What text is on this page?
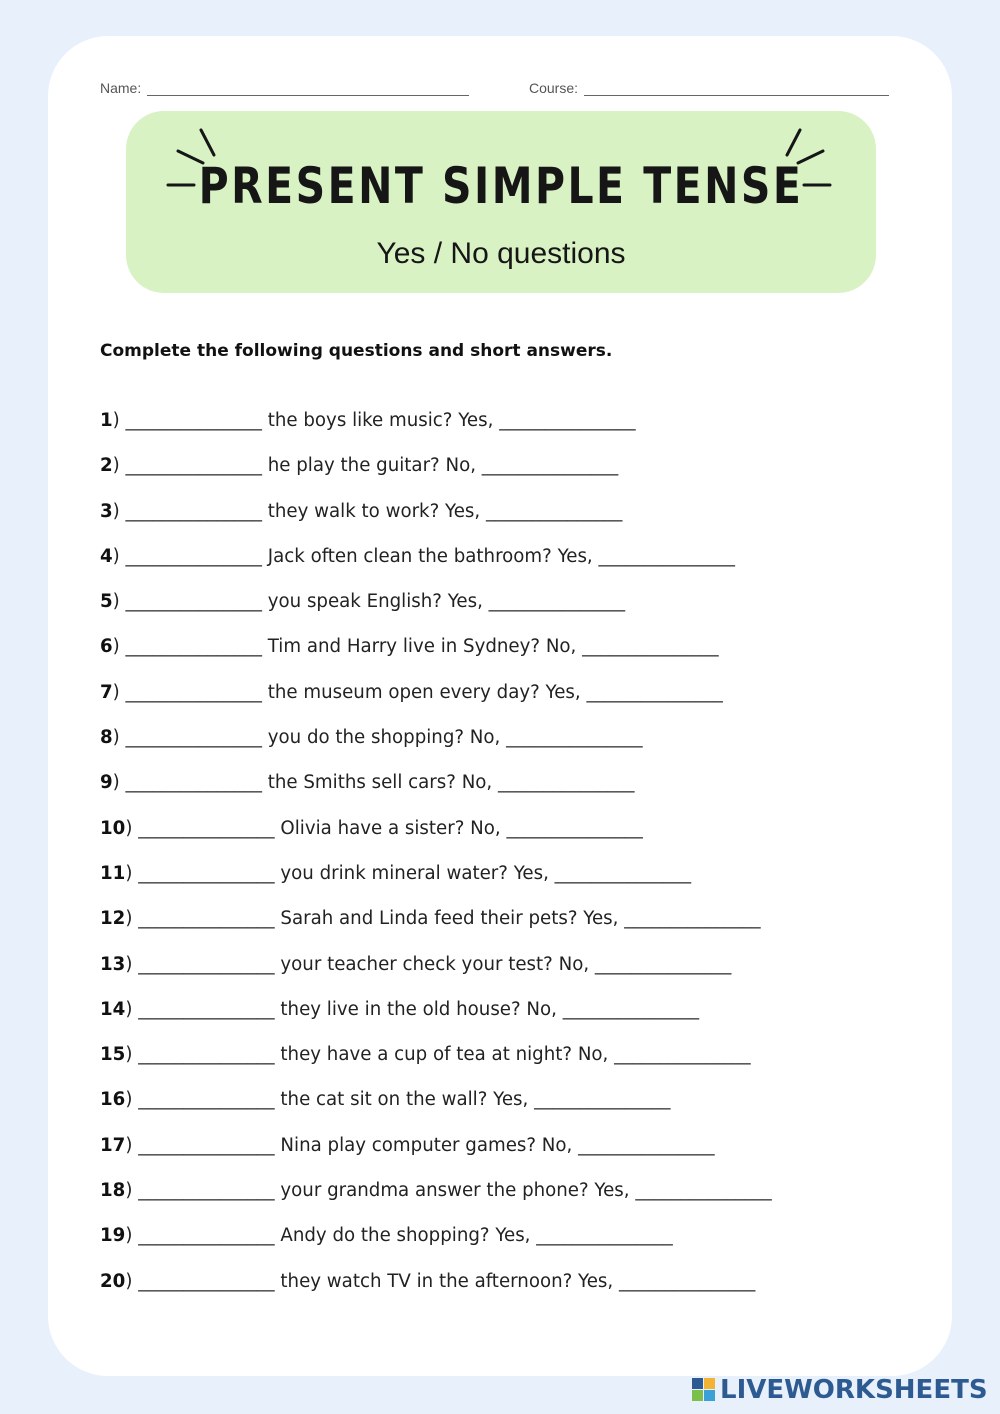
Name:	Course:
PRESENT SIMPLE TENSE
Yes / No questions
Complete the following questions and short answers.
1) _______________ the boys like music? Yes, _______________
2) _______________ he play the guitar? No, _______________
3) _______________ they walk to work? Yes, _______________
4) _______________ Jack often clean the bathroom? Yes, _______________
5) _______________ you speak English? Yes, _______________
6) _______________ Tim and Harry live in Sydney? No, _______________
7) _______________ the museum open every day? Yes, _______________
8) _______________ you do the shopping? No, _______________
9) _______________ the Smiths sell cars? No, _______________
10) _______________ Olivia have a sister? No, _______________
11) _______________ you drink mineral water? Yes, _______________
12) _______________ Sarah and Linda feed their pets? Yes, _______________
13) _______________ your teacher check your test? No, _______________
14) _______________ they live in the old house? No, _______________
15) _______________ they have a cup of tea at night? No, _______________
16) _______________ the cat sit on the wall? Yes, _______________
17) _______________ Nina play computer games? No, _______________
18) _______________ your grandma answer the phone? Yes, _______________
19) _______________ Andy do the shopping? Yes, _______________
20) _______________ they watch TV in the afternoon? Yes, _______________
LIVEWORKSHEETS
